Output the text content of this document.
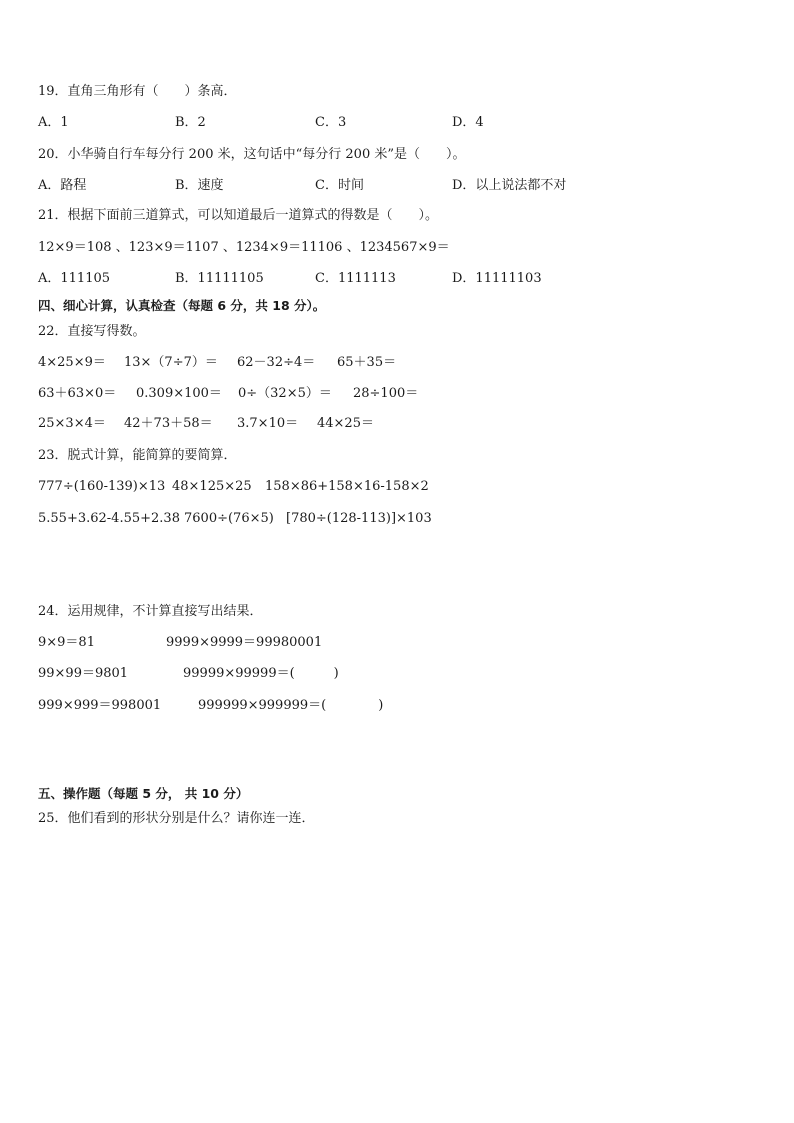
19．直角三角形有（　　）条高．
A．1	B．2	C．3	D．4
20．小华骑自行车每分行 200 米，这句话中“每分行 200 米”是（　　）。
A．路程	B．速度	C．时间	D．以上说法都不对
21．根据下面前三道算式，可以知道最后一道算式的得数是（　　）。
12×9＝108 、123×9＝1107 、1234×9＝11106 、1234567×9＝
A．111105	B．11111105	C．1111113	D．11111103
四、细心计算，认真检查（每题 6 分，共 18 分）。
22．直接写得数。
4×25×9＝ 13×（7÷7）＝ 62－32÷4＝ 65＋35＝
63＋63×0＝ 0.309×100＝ 0÷（32×5）＝ 28÷100＝
25×3×4＝ 42＋73＋58＝ 3.7×10＝ 44×25＝
23．脱式计算，能简算的要简算．
777÷(160-139)×13 48×125×25 158×86+158×16-158×2
5.55+3.62-4.55+2.38 7600÷(76×5) [780÷(128-113)]×103
24．运用规律，不计算直接写出结果．
9×9＝81	9999×9999＝99980001
99×99＝9801	99999×99999＝(　　　)
999×999＝998001	999999×999999＝(　　　　)
五、操作题（每题 5 分， 共 10 分）
25．他们看到的形状分别是什么？请你连一连．
